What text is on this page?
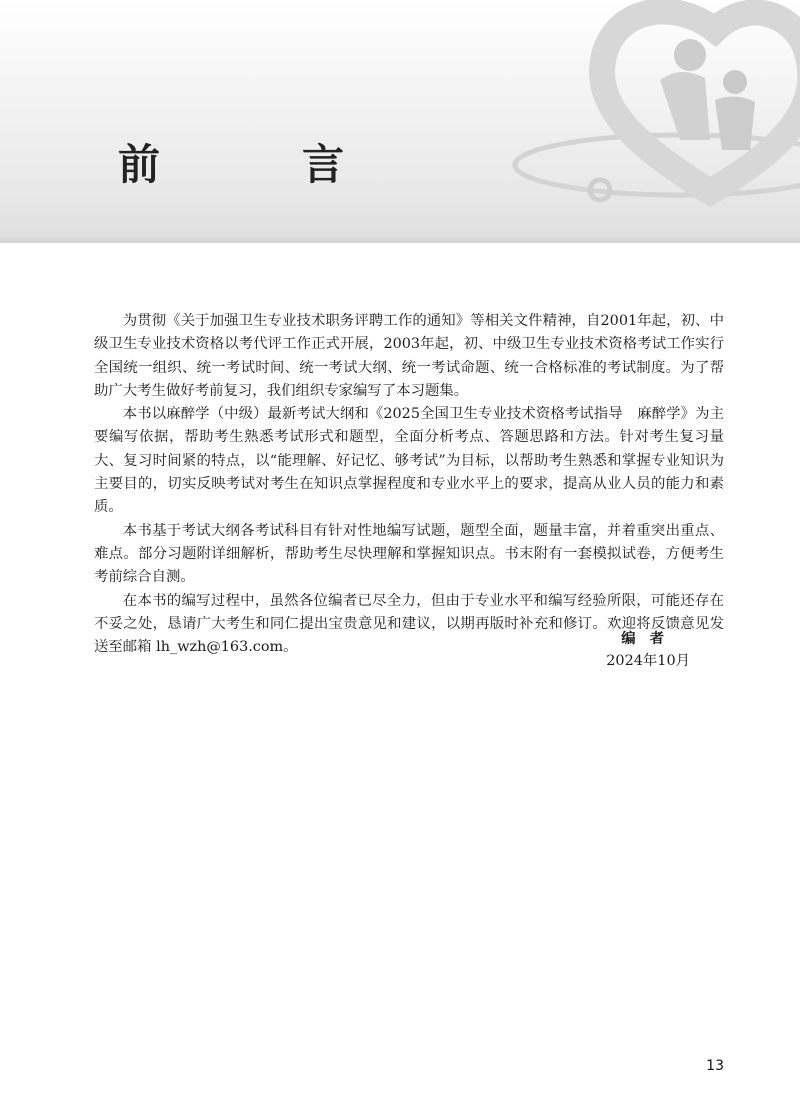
前　言

为贯彻《关于加强卫生专业技术职务评聘工作的通知》等相关文件精神，自2001年起，初、中级卫生专业技术资格以考代评工作正式开展，2003年起，初、中级卫生专业技术资格考试工作实行全国统一组织、统一考试时间、统一考试大纲、统一考试命题、统一合格标准的考试制度。为了帮助广大考生做好考前复习，我们组织专家编写了本习题集。

本书以麻醉学（中级）最新考试大纲和《2025全国卫生专业技术资格考试指导　麻醉学》为主要编写依据，帮助考生熟悉考试形式和题型，全面分析考点、答题思路和方法。针对考生复习量大、复习时间紧的特点，以“能理解、好记忆、够考试”为目标，以帮助考生熟悉和掌握专业知识为主要目的，切实反映考试对考生在知识点掌握程度和专业水平上的要求，提高从业人员的能力和素质。

本书基于考试大纲各考试科目有针对性地编写试题，题型全面，题量丰富，并着重突出重点、难点。部分习题附详细解析，帮助考生尽快理解和掌握知识点。书末附有一套模拟试卷，方便考生考前综合自测。

在本书的编写过程中，虽然各位编者已尽全力，但由于专业水平和编写经验所限，可能还存在不妥之处，恳请广大考生和同仁提出宝贵意见和建议，以期再版时补充和修订。欢迎将反馈意见发送至邮箱 lh_wzh@163.com。

编者
2024年10月
13
